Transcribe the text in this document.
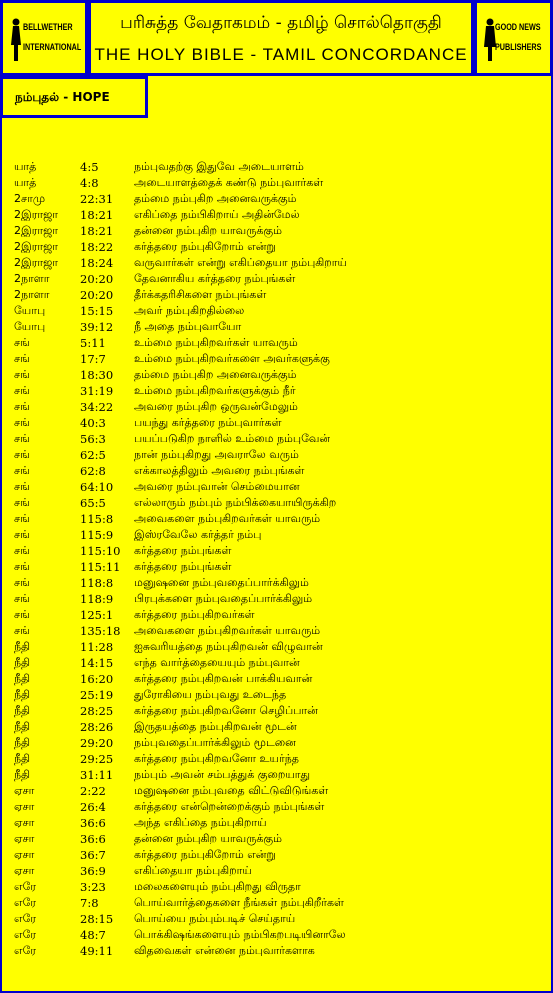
BELLWETHER
INTERNATIONAL
பரிசுத்த வேதாகமம் - தமிழ் சொல்தொகுதி
THE HOLY BIBLE - TAMIL CONCORDANCE
GOOD NEWS
PUBLISHERS
நம்புதல் - HOPE
யாத்	4:5	நம்புவதற்கு இதுவே அடையாளம்
யாத்	4:8	அடையாளத்தைக் கண்டு நம்புவார்கள்
2சாமு	22:31	தம்மை நம்புகிற அனைவருக்கும்
2இராஜா	18:21	எகிப்தை நம்பிகிறாய் அதின்மேல்
2இராஜா	18:21	தன்னை நம்புகிற யாவருக்கும்
2இராஜா	18:22	கர்த்தரை நம்புகிறோம் என்று
2இராஜா	18:24	வருவார்கள் என்று எகிப்தையா நம்புகிறாய்
2நாளா	20:20	தேவனாகிய கர்த்தரை நம்புங்கள்
2நாளா	20:20	தீர்க்கதரிசிகளை நம்புங்கள்
யோபு	15:15	அவர் நம்புகிறதில்லை
யோபு	39:12	நீ அதை நம்புவாயோ
சங்	5:11	உம்மை நம்புகிறவர்கள் யாவரும்
சங்	17:7	உம்மை நம்புகிறவர்களை அவர்களுக்கு
சங்	18:30	தம்மை நம்புகிற அனைவருக்கும்
சங்	31:19	உம்மை நம்புகிறவர்களுக்கும் நீர்
சங்	34:22	அவரை நம்புகிற ஒருவன்மேலும்
சங்	40:3	பயந்து கர்த்தரை நம்புவார்கள்
சங்	56:3	பயப்படுகிற நாளில் உம்மை நம்புவேன்
சங்	62:5	நான் நம்புகிறது அவராலே வரும்
சங்	62:8	எக்காலத்திலும் அவரை நம்புங்கள்
சங்	64:10	அவரை நம்புவான் செம்மையான
சங்	65:5	எல்லாரும் நம்பும் நம்பிக்கையாயிருக்கிற
சங்	115:8	அவைகளை நம்புகிறவர்கள் யாவரும்
சங்	115:9	இஸ்ரவேலே கர்த்தர் நம்பு
சங்	115:10	கர்த்தரை நம்புங்கள்
சங்	115:11	கர்த்தரை நம்புங்கள்
சங்	118:8	மனுஷனை நம்புவதைப்பார்க்கிலும்
சங்	118:9	பிரபுக்களை நம்புவதைப்பார்க்கிலும்
சங்	125:1	கர்த்தரை நம்புகிறவர்கள்
சங்	135:18	அவைகளை நம்புகிறவர்கள் யாவரும்
நீதி	11:28	ஐசுவரியத்தை நம்புகிறவன் விழுவான்
நீதி	14:15	எந்த வார்த்தையையும் நம்புவான்
நீதி	16:20	கர்த்தரை நம்புகிறவன் பாக்கியவான்
நீதி	25:19	துரோகியை நம்புவது உடைந்த
நீதி	28:25	கர்த்தரை நம்புகிறவனோ செழிப்பான்
நீதி	28:26	இருதயத்தை நம்புகிறவன் மூடன்
நீதி	29:20	நம்புவதைப்பார்க்கிலும் மூடனை
நீதி	29:25	கர்த்தரை நம்புகிறவனோ உயர்ந்த
நீதி	31:11	நம்பும் அவன் சம்பத்துக் குறையாது
ஏசா	2:22	மனுஷனை நம்புவதை விட்டுவிடுங்கள்
ஏசா	26:4	கர்த்தரை என்றென்றைக்கும் நம்புங்கள்
ஏசா	36:6	அந்த எகிப்தை நம்புகிறாய்
ஏசா	36:6	தன்னை நம்புகிற யாவருக்கும்
ஏசா	36:7	கர்த்தரை நம்புகிறோம் என்று
ஏசா	36:9	எகிப்தையா நம்புகிறாய்
எரே	3:23	மலைகளையும் நம்புகிறது விருதா
எரே	7:8	பொய்வார்த்தைகளை நீங்கள் நம்புகிறீர்கள்
எரே	28:15	பொய்யை நம்பும்படிச் செய்தாய்
எரே	48:7	பொக்கிஷங்களையும் நம்பிகறபடியினாலே
எரே	49:11	விதவைகள் என்னை நம்புவார்களாக
